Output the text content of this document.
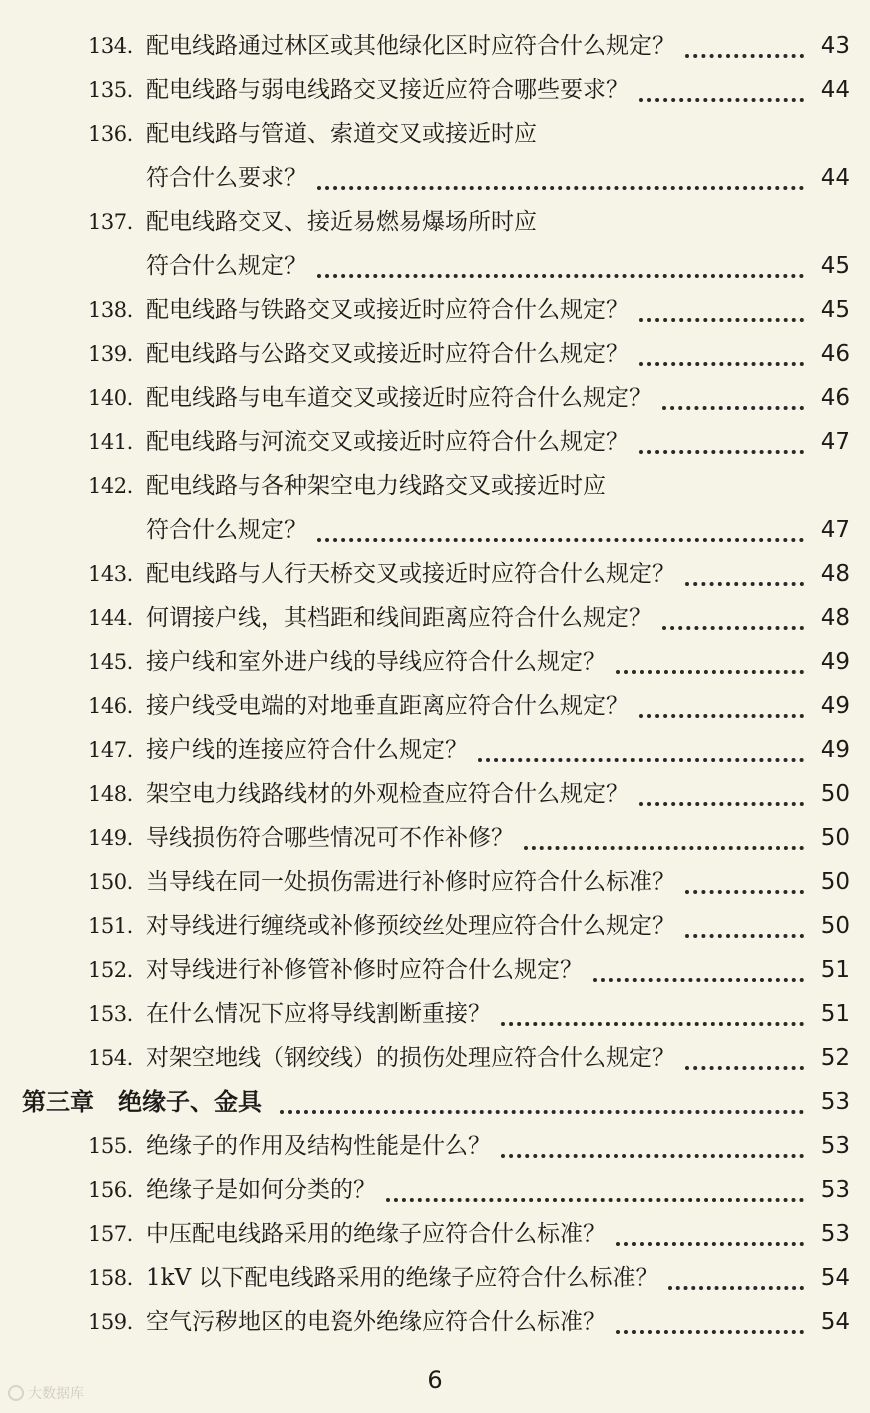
134. 配电线路通过林区或其他绿化区时应符合什么规定？	43
135. 配电线路与弱电线路交叉接近应符合哪些要求？	44
136. 配电线路与管道、索道交叉或接近时应
符合什么要求？	44
137. 配电线路交叉、接近易燃易爆场所时应
符合什么规定？	45
138. 配电线路与铁路交叉或接近时应符合什么规定？	45
139. 配电线路与公路交叉或接近时应符合什么规定？	46
140. 配电线路与电车道交叉或接近时应符合什么规定？	46
141. 配电线路与河流交叉或接近时应符合什么规定？	47
142. 配电线路与各种架空电力线路交叉或接近时应
符合什么规定？	47
143. 配电线路与人行天桥交叉或接近时应符合什么规定？	48
144. 何谓接户线，其档距和线间距离应符合什么规定？	48
145. 接户线和室外进户线的导线应符合什么规定？	49
146. 接户线受电端的对地垂直距离应符合什么规定？	49
147. 接户线的连接应符合什么规定？	49
148. 架空电力线路线材的外观检查应符合什么规定？	50
149. 导线损伤符合哪些情况可不作补修？	50
150. 当导线在同一处损伤需进行补修时应符合什么标准？	50
151. 对导线进行缠绕或补修预绞丝处理应符合什么规定？	50
152. 对导线进行补修管补修时应符合什么规定？	51
153. 在什么情况下应将导线割断重接？	51
154. 对架空地线（钢绞线）的损伤处理应符合什么规定？	52
第三章　绝缘子、金具	53
155. 绝缘子的作用及结构性能是什么？	53
156. 绝缘子是如何分类的？	53
157. 中压配电线路采用的绝缘子应符合什么标准？	53
158. 1kV 以下配电线路采用的绝缘子应符合什么标准？	54
159. 空气污秽地区的电瓷外绝缘应符合什么标准？	54
6
大数据库
